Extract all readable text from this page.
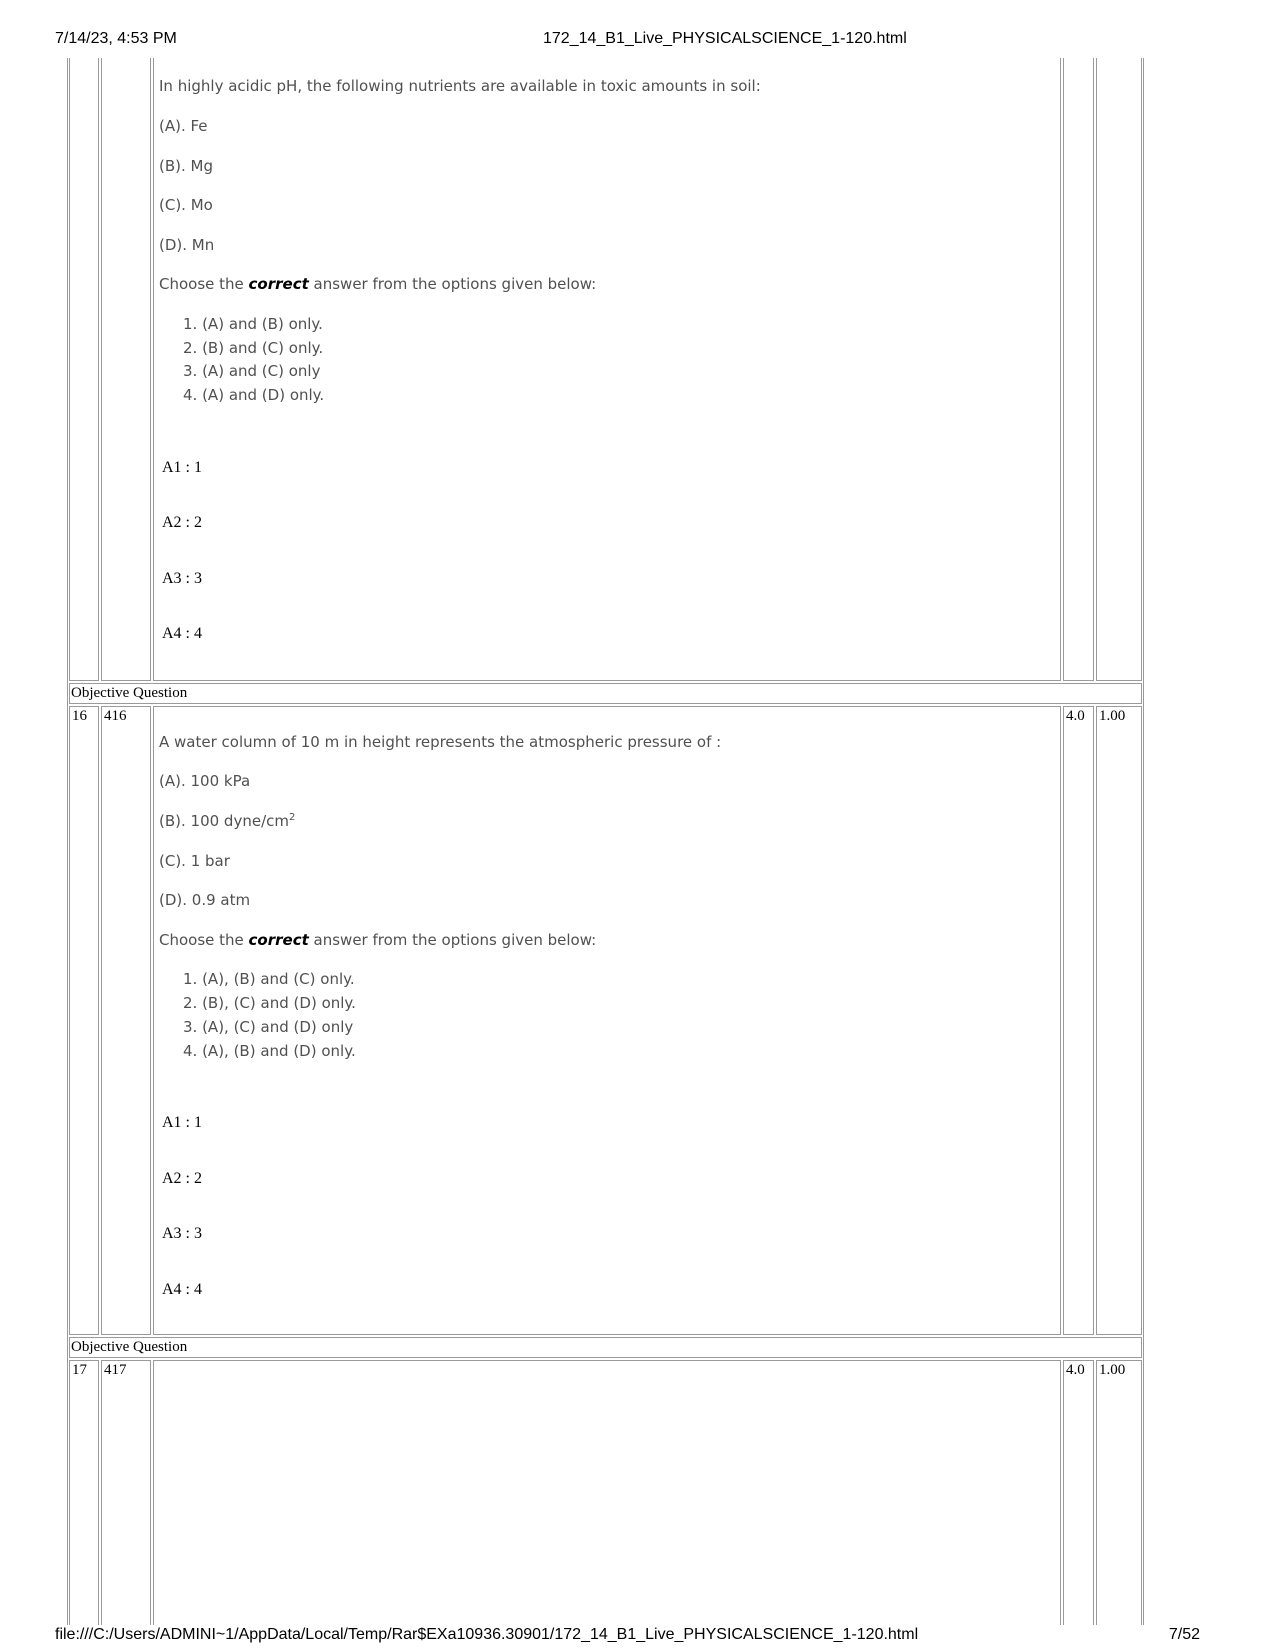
7/14/23, 4:53 PM	172_14_B1_Live_PHYSICALSCIENCE_1-120.html
In highly acidic pH, the following nutrients are available in toxic amounts in soil:
(A). Fe
(B). Mg
(C). Mo
(D). Mn
Choose the correct answer from the options given below:
1. (A) and (B) only.
2. (B) and (C) only.
3. (A) and (C) only
4. (A) and (D) only.
A1 : 1
A2 : 2
A3 : 3
A4 : 4
Objective Question
16 416
A water column of 10 m in height represents the atmospheric pressure of :
(A). 100 kPa
(B). 100 dyne/$cm^2$
(C). 1 bar
(D). 0.9 atm
Choose the correct answer from the options given below:
1. (A), (B) and (C) only.
2. (B), (C) and (D) only.
3. (A), (C) and (D) only
4. (A), (B) and (D) only.
A1 : 1
A2 : 2
A3 : 3
A4 : 4
4.0 1.00
Objective Question
17 417	4.0 1.00
file:///C:/Users/ADMINI~1/AppData/Local/Temp/Rar$EXa10936.30901/172_14_B1_Live_PHYSICALSCIENCE_1-120.html	7/52
